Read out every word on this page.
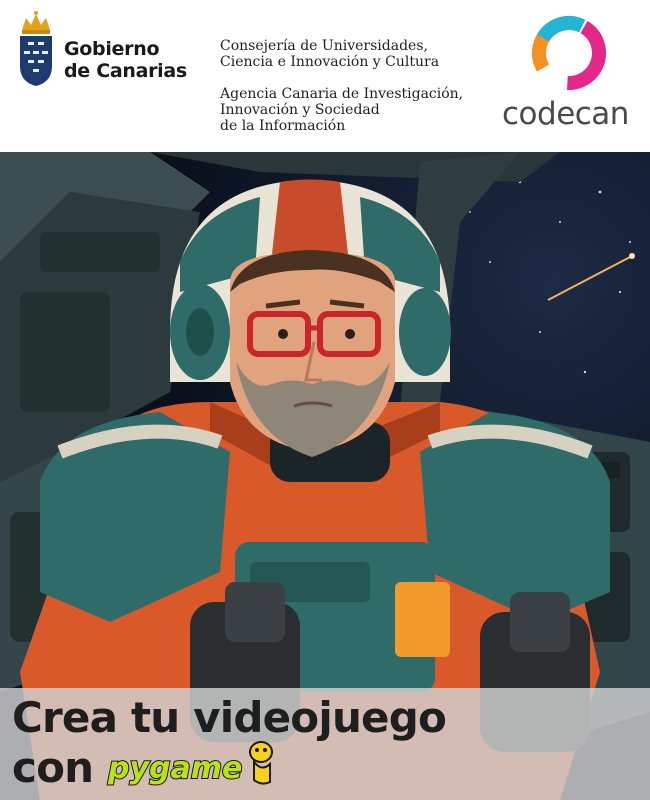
Gobierno
de Canarias
Consejería de Universidades,
Ciencia e Innovación y Cultura
Agencia Canaria de Investigación,
Innovación y Sociedad
de la Información	codecan
Crea tu videojuego
con pygame
